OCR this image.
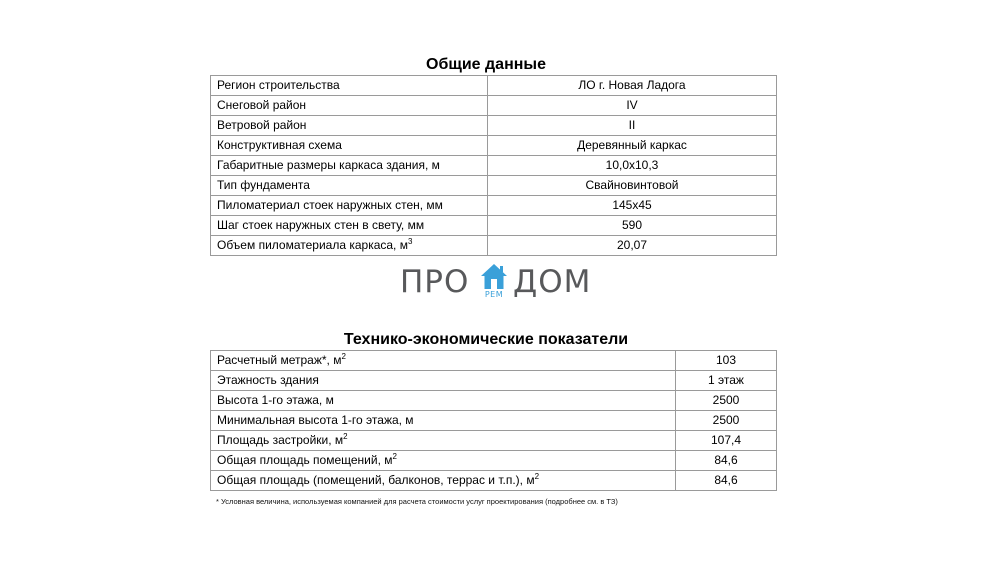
Общие данные
Регион строительства	ЛО г. Новая Ладога
Снеговой район	IV
Ветровой район	II
Конструктивная схема	Деревянный каркас
Габаритные размеры каркаса здания, м	10,0x10,3
Тип фундамента	Свайновинтовой
Пиломатериал стоек наружных стен, мм	145x45
Шаг стоек наружных стен в свету, мм	590
Объем пиломатериала каркаса, $м^3$	20,07
ПРО	РЕМ ДОМ
Технико-экономические показатели
Расчетный метраж*, $м^2$	103
Этажность здания	1 этаж
Высота 1-го этажа, м	2500
Минимальная высота 1-го этажа, м	2500
Площадь застройки, $м^2$	107,4
Общая площадь помещений, $м^2$	84,6
Общая площадь (помещений, балконов, террас и т.п.), $м^2$	84,6
* Условная величина, используемая компанией для расчета стоимости услуг проектирования (подробнее см. в ТЗ)
